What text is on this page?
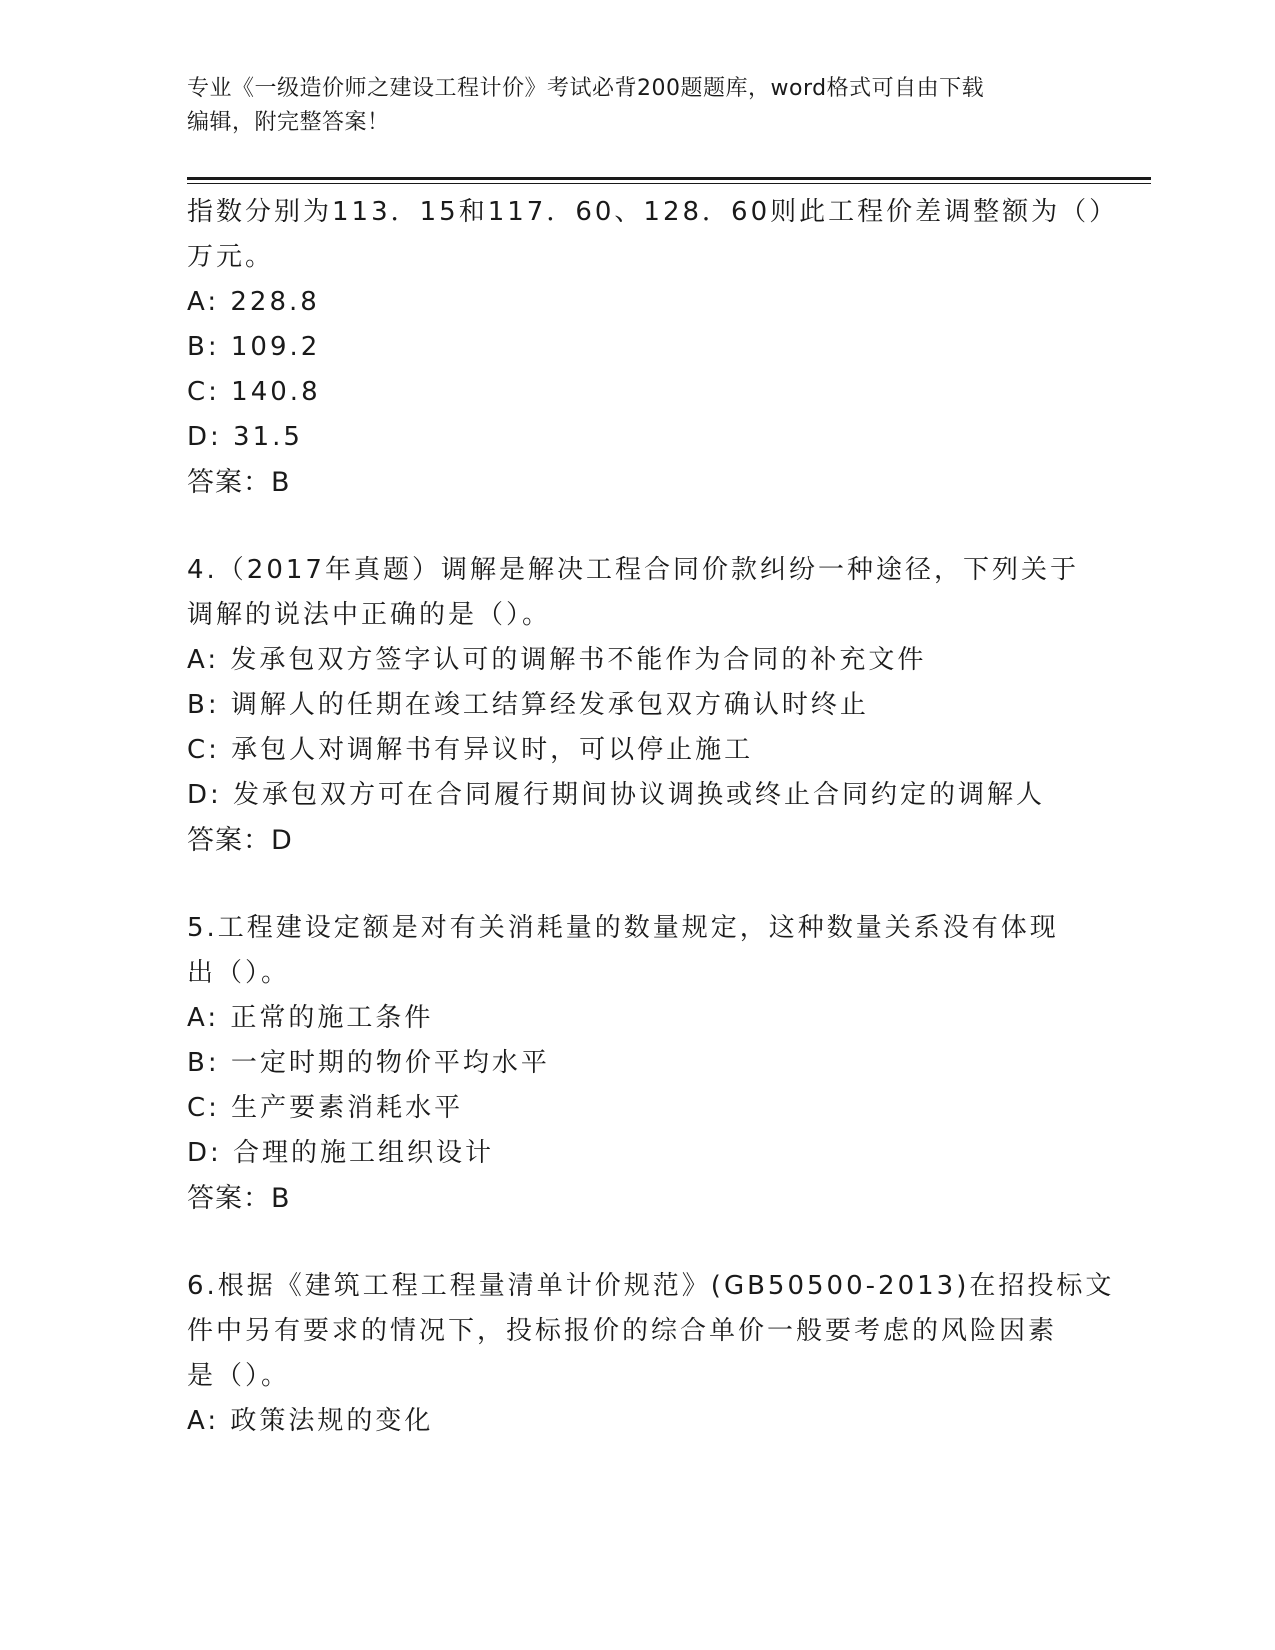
专业《一级造价师之建设工程计价》考试必背200题题库，word格式可自由下载
编辑，附完整答案！
指数分别为113．15和117．60、128．60则此工程价差调整额为（）
万元。
A: 228.8
B: 109.2
C: 140.8
D: 31.5
答案：B
4.（2017年真题）调解是解决工程合同价款纠纷一种途径，下列关于
调解的说法中正确的是（）。
A: 发承包双方签字认可的调解书不能作为合同的补充文件
B: 调解人的任期在竣工结算经发承包双方确认时终止
C: 承包人对调解书有异议时，可以停止施工
D: 发承包双方可在合同履行期间协议调换或终止合同约定的调解人
答案：D
5.工程建设定额是对有关消耗量的数量规定，这种数量关系没有体现
出（）。
A: 正常的施工条件
B: 一定时期的物价平均水平
C: 生产要素消耗水平
D: 合理的施工组织设计
答案：B
6.根据《建筑工程工程量清单计价规范》(GB50500-2013)在招投标文
件中另有要求的情况下，投标报价的综合单价一般要考虑的风险因素
是（）。
A: 政策法规的变化
